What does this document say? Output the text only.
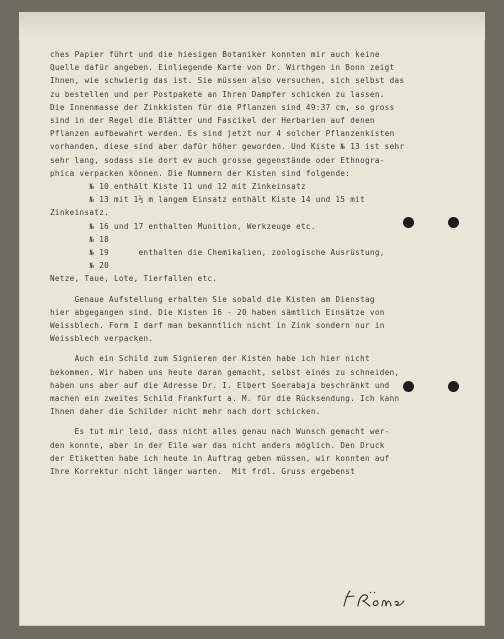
ches Papier führt und die hiesigen Botaniker konnten mir auch keine
Quelle dafür angeben. Einliegende Karte von Dr. Wirthgen in Bonn zeigt
Ihnen, wie schwierig das ist. Sie müssen also versuchen, sich selbst das
zu bestellen und per Postpakete an Ihren Dampfer schicken zu lassen.
Die Innenmasse der Zinkkisten für die Pflanzen sind 49:37 cm, so gross
sind in der Regel die Blätter und Fascikel der Herbarien auf denen
Pflanzen aufbewahrt werden. Es sind jetzt nur 4 solcher Pflanzenkisten
vorhanden, diese sind aber dafür höher geworden. Und Kiste № 13 ist sehr
sehr lang, sodass sie dort ev auch grosse gegenstände oder Ethnogra-
phica verpacken können. Die Nummern der Kisten sind folgende:
№ 10 enthält Kiste 11 und 12 mit Zinkeinsatz
№ 13 mit 1½ m langem Einsatz enthält Kiste 14 und 15 mit
Zinkeinsatz.
№ 16 und 17 enthalten Munition, Werkzeuge etc.
№ 18
№ 19      enthalten die Chemikalien, zoologische Ausrüstung,
№ 20
Netze, Taue, Lote, Tierfallen etc.
Genaue Aufstellung erhalten Sie sobald die Kisten am Dienstag
hier abgegangen sind. Die Kisten 16 - 20 haben sämtlich Einsätze von
Weissblech. Form I darf man bekanntlich nicht in Zink sondern nur in
Weissblech verpacken.
Auch ein Schild zum Signieren der Kisten habe ich hier nicht
bekommen. Wir haben uns heute daran gemacht, selbst eines zu schneiden,
haben uns aber auf die Adresse Dr. I. Elbert Soerabaja beschränkt und
machen ein zweites Schild Frankfurt a. M. für die Rücksendung. Ich kann
Ihnen daher die Schilder nicht mehr nach dort schicken.
Es tut mir leid, dass nicht alles genau nach Wunsch gemacht wer-
den konnte, aber in der Eile war das nicht anders möglich. Den Druck
der Etiketten habe ich heute in Auftrag geben müssen, wir konnten auf
Ihre Korrektur nicht länger warten.  Mit frdl. Gruss ergebenst
